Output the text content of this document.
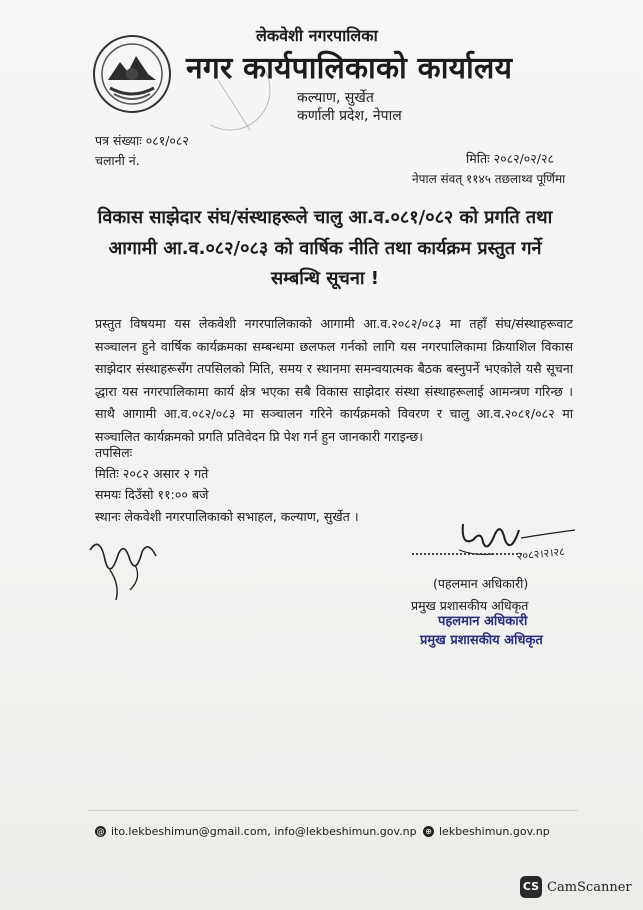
लेकवेशी नगरपालिका
नगर कार्यपालिकाको कार्यालय
कल्याण, सुर्खेत
कर्णाली प्रदेश, नेपाल
पत्र संख्याः ०८१/०८२
चलानी नं.	मितिः २०८२/०२/२८
नेपाल संवत् ११४५ तछलाथ्व पूर्णिमा
विकास साझेदार संघ/संस्थाहरूले चालु आ.व.०८१/०८२ को प्रगति तथा
आगामी आ.व.०८२/०८३ को वार्षिक नीति तथा कार्यक्रम प्रस्तुत गर्ने
सम्बन्धि सूचना !

प्रस्तुत विषयमा यस लेकवेशी नगरपालिकाको आगामी आ.व.२०८२/०८३ मा तहाँ संघ/संस्थाहरूवाट सञ्चालन हुने वार्षिक कार्यक्रमका सम्बन्धमा छलफल गर्नको लागि यस नगरपालिकामा क्रियाशिल विकास साझेदार संस्थाहरूसँग तपसिलको मिति, समय र स्थानमा समन्वयात्मक बैठक बस्नुपर्ने भएकोले यसै सूचना द्धारा यस नगरपालिकामा कार्य क्षेत्र भएका सबै विकास साझेदार संस्था संस्थाहरूलाई आमन्त्रण गरिन्छ । साथै आगामी आ.व.०८२/०८३ मा सञ्चालन गरिने कार्यक्रमको विवरण र चालु आ.व.२०८१/०८२ मा सञ्चालित कार्यक्रमको प्रगति प्रतिवेदन प्नि पेश गर्न हुन जानकारी गराइन्छ।

तपसिलः
मितिः २०८२ असार २ गते
समयः दिउँसो ११:०० बजे
स्थानः लेकवेशी नगरपालिकाको सभाहल, कल्याण, सुर्खेत ।
२०८२।२।२८
(पहलमान अधिकारी)
प्रमुख प्रशासकीय अधिकृत
पहलमान अधिकारी
प्रमुख प्रशासकीय अधिकृत
@ ito.lekbeshimun@gmail.com, info@lekbeshimun.gov.np ⊕ lekbeshimun.gov.np
CS CamScanner
